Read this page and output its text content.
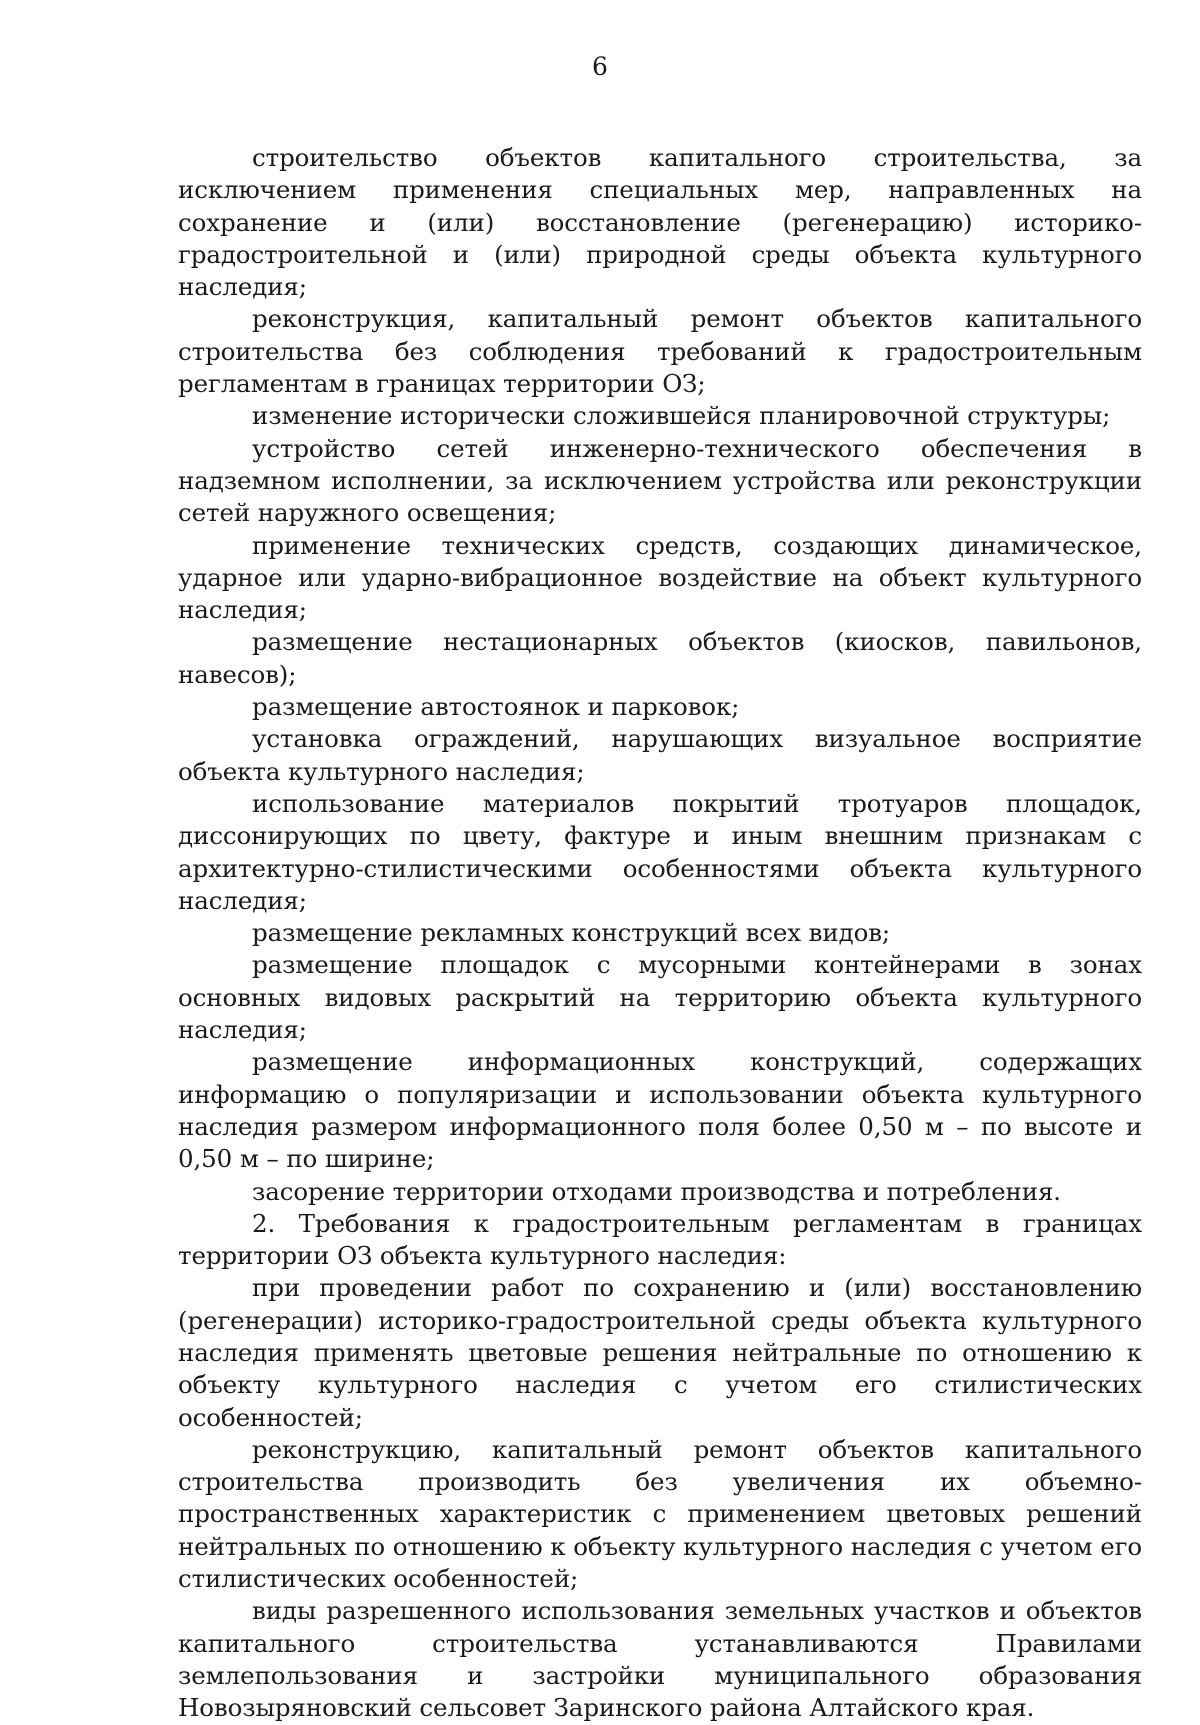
6

строительство объектов капитального строительства, за исключением применения специальных мер, направленных на сохранение и (или) восстановление (регенерацию) историко-градостроительной и (или) природной среды объекта культурного наследия;

реконструкция, капитальный ремонт объектов капитального строительства без соблюдения требований к градостроительным регламентам в границах территории ОЗ;

изменение исторически сложившейся планировочной структуры;

устройство сетей инженерно-технического обеспечения в надземном исполнении, за исключением устройства или реконструкции сетей наружного освещения;

применение технических средств, создающих динамическое, ударное или ударно-вибрационное воздействие на объект культурного наследия;

размещение нестационарных объектов (киосков, павильонов, навесов);

размещение автостоянок и парковок;

установка ограждений, нарушающих визуальное восприятие объекта культурного наследия;

использование материалов покрытий тротуаров площадок, диссонирующих по цвету, фактуре и иным внешним признакам с архитектурно-стилистическими особенностями объекта культурного наследия;

размещение рекламных конструкций всех видов;

размещение площадок с мусорными контейнерами в зонах основных видовых раскрытий на территорию объекта культурного наследия;

размещение информационных конструкций, содержащих информацию о популяризации и использовании объекта культурного наследия размером информационного поля более 0,50 м – по высоте и 0,50 м – по ширине;

засорение территории отходами производства и потребления.

2. Требования к градостроительным регламентам в границах территории ОЗ объекта культурного наследия:

при проведении работ по сохранению и (или) восстановлению (регенерации) историко-градостроительной среды объекта культурного наследия применять цветовые решения нейтральные по отношению к объекту культурного наследия с учетом его стилистических особенностей;

реконструкцию, капитальный ремонт объектов капитального строительства производить без увеличения их объемно-пространственных характеристик с применением цветовых решений нейтральных по отношению к объекту культурного наследия с учетом его стилистических особенностей;

виды разрешенного использования земельных участков и объектов капитального строительства устанавливаются Правилами землепользования и застройки муниципального образования Новозыряновский сельсовет Заринского района Алтайского края.
